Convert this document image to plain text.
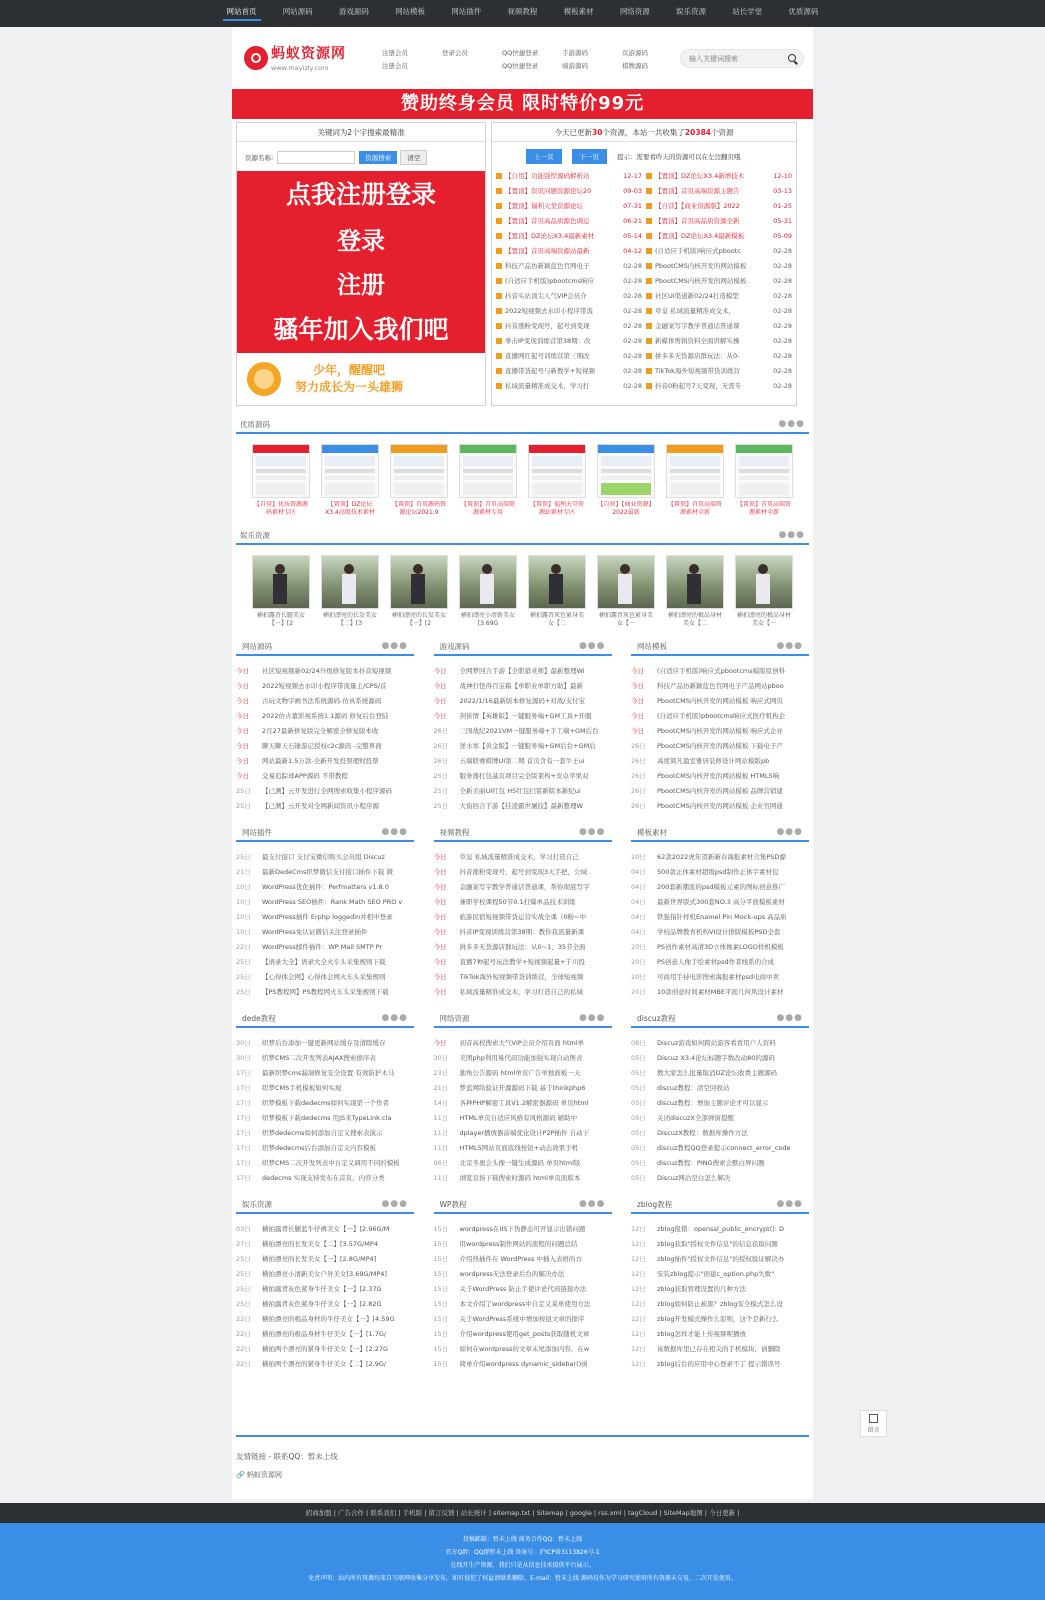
网站首页	网站源码	游戏源码	网站模板	网站插件	视频教程	模板素材	网络资源	娱乐资源	站长学堂	优质源码
蚂蚁资源网
www.mayizly.com
注册会员
注册会员
登录会员	QQ快捷登录
QQ快捷登录
手游源码
端游源码
页游源码
棋牌源码
输入关键词搜索
赞助终身会员 限时特价99元
关键词为2个字搜索最精准
资源名称:	资源搜索	清空
点我注册登录
登录
注册
骚年加入我们吧
少年，醒醒吧
努力成长为一头雄狮
今天已更新30个资源，本站一共收集了20384个资源
上一页	下一页	提示：需要看昨天的资源可以在左边翻页哦
【自用】功能强悍源码解析站	12-17
【置顶】资讯问题资源论坛20	09-03
【置顶】福利天堂资源论坛	07-31
【置顶】首页高品质源色调运	06-21
【置顶】DZ论坛X3.4最新素材	05-14
【置顶】首页高端资源站最新	04-12
科技产品仿新颖蓝色官网电子	02-28
(自适应手机版)pbootcms响应	02-28
抖音实站顶尖人气VIP会员介	02-28
2022短视频去水印小程序带流	02-28
抖音涨粉变现号，起号到变现	02-28
拳击IP变现训练营第38期：改	02-28
直播网红起号训练营第三期改	02-28
直播带货起号与新教学+短视频	02-28
私域流量精准成交术，学习打	02-28
【置顶】DZ论坛X3.4新增技术	12-10
【置顶】首页高端资源主题告	03-13
【自营】【商业资源版】2022	01-25
【置顶】首页高品质资源全新	05-31
【置顶】DZ论坛X3.4最新模板	05-09
(自适应手机版)响应式pbootc	02-28
PbootCMS内核开发的网站模板	02-28
PbootCMS内核开发的网站模板	02-28
社区UI渠道新02/24打造模型	02-28
草皇 私域流量精准成交术，	02-28
金融案写字教学普通话普通课	02-28
新媒体剪辑资料全面讲解实操	02-28
拼多多无货源店群玩法：从0-	02-28
TikTok海外短视频带货训练营	02-28
抖音0粉起号7天变现，无需专	02-28
优质源码	●●●
【自营】优质资源源码素材专区
【置顶】DZ论坛X3.4高级技术素材
【置顶】首页源码资源论坛2021.9
【置顶】首页高端资源素材专用
【置顶】福利天堂资源站素材专区
【自营】【商业资源】2022最新
【置顶】首页高端资源素材全新
【置顶】首页高端资源素材全新
娱乐资源	●●●
横拍露背长腿美女【一】[2
横拍漂亮的长发美女【二】[3
横拍漂亮的长发美女【一】[2
横拍漂亮小清新美女[3.69G
横拍露背灰色紧身美女【二
横拍露背灰色紧身美女【一
横拍漂亮的极品身材美女【二
横拍漂亮的极品身材美女【一
网站源码	●●●
今日	社区短视频新02/24升级修复版本抖音短视频
今日	2022短视频去水印小程序带流量主/CPS/首
今日	古玩文物字画书法系统源码-仿真系统源码
今日	2022仿古董影视系统1.1源码 修复后台登陆
今日	2月27最新修复版完全解密全修复版本收
今日	聊天聊天石锤游记授权c2c源码 -完整界面
今日	网站最新1.5万款-全新开发投票理财投票
今日	交易追踪球APP源码 不带教程
25日	【已测】云开发进行全网搜索收集小程序源码
25日	【已测】云开发对全网新闻资讯小程序源
游戏源码	●●●
今日	全网梦回合手游【全职猎灵师】最新整理Wi
今日	战神打怪得百宝箱【单职业单职方助】最新
今日	2022/1/16最新版本修复源码+对战/支付宝
今日	剑侠情【英雄版】一键服务端+GM工具+开服
26日	三国战纪2021VM一键服务端+手工端+GM后台
26日	逆水寒【黄金版】一键服务端+GM后台+GM后
26日	五端联赛棋牌UI第二期 首页含有一套牛王ui
25日	服务器打包基页项目完全版架构+安卓苹果双
25日	全新美丽UI红包 H5红包扫雷新版本新纪ui
25日	大街回合手游【挂凌霸世屠技】最新整理W
网站模板	●●●
今日	(自适应手机版)响应式pbootcms模版原创科
今日	科技产品仿新颖蓝色官网电子产品网站pboo
今日	PbootCMS内核开发的网站模板 响应式网页
今日	(自适应手机版)pbootcms响应式医疗机构企
今日	PbootCMS内核开发的网站模板 响应式企业
26日	PbootCMS内核开发的网站模板 下载电子产
26日	高度简凡盈室雅居装修设计网站模版pb
26日	PbootCMS内核开发的网站模板 HTML5响
26日	PbootCMS内核开发的网站模板 品牌营销建
26日	PbootCMS内核开发的网站模板 企业官网通
网站插件	●●●
25日	最支付接口 支付宝微信购买会员组 Discuz
21日	最新DedeCms织梦微信支付接口插件下载 微
10日	WordPress优化插件：Perfmatters v1.8.0
10日	WordPress SEO插件：Rank Math SEO PRO v
10日	WordPress插件 Erphp loggedin并相中登录
10日	WordPress免认证微信关注登录插件
22日	WordPress邮件插件：WP Mail SMTP Pr
25日	【语录大全】语录大全火车头采集规则下载
25日	【心得体会网】心得体会网火车头采集规则
25日	【PS教程网】PS教程网火车头采集规则下载
视频教程	●●●
今日	草皇 私域流量精准成交术，学习打造自己
今日	抖音涨粉变现号，起号到变现3天手把，公域
今日	金融案写字教学普通话普通课，帮你彻底写字
今日	兼职学校课程50节0.1打爆单品技术训练
今日	旅游民宿短视频带货运营实战全课（0粉~中
今日	抖音IP变现训练营第38期：教你我流量新课
今日	拼多多无货源店群玩法：从0~1，35节全面
今日	直播7种起号玩法教学+短视频起量+千川投
今日	TikTok海外短视频带货训练营，全球短视频
今日	私域流量精准成交术，学习打造自己的私域
模板素材	●●●
20日	62款2022虎年贺新新春海报素材合集PSD源
04日	500款正体素材超级psd制作正体字素材包
04日	200套新潮流的psd模板元素的图标创意推广
04日	最新世界版式300套NO.3 高分平面模板素材
04日	铁强指针样机Enamel Pin Mock-ups 高品质
04日	学校品牌教育机构VI设计排版模板PSD全套
20日	PS创作素材高清3D立体像素LOGO样机模板
20日	PS创意人像手绘素材psd作者线系的合成
20日	可商用手持电影搜索海报素材psd电商中卖
20日	10款创意时间素材MBE平面几何风设计素材
dede教程	●●●
30日	织梦后台添加一键更新网站缓存及清除缓存
30日	织梦CMS二次开发列表AJAX搜索排序表
17日	最新织梦cms漏洞修复安全设置 有效防护木马
17日	织梦CMS手机模板如何实现
17日	织梦模板下载dedecms如何实现第一个作者
17日	织梦模板下载dedecms 用JS来TypeLink.cla
17日	织梦dedecms如何添加自定义搜索表演示
17日	织梦dedecms后台添加自定义内容模板
17日	织梦CMS二次开发列表中自定义调用不同的模板
17日	dedecms 实现支持发布在首页、内容分类
网络资源	●●●
今日	初音高校搜索大气VIP会员介绍页面 html单
30日	美团php利用易代码功能加强实现自动图表
23日	独角公告源码 html单页广告单独面板一天
21日	梦蓝网络验证开源源码下载 基于thinkphp6
14日	各种PHP解密工具V1.2解密器源码 单页html
11日	HTML单页自适应风格有风格源码 辅助中
11日	dplayer播放器前端优化设计P2P插件 自动下
11日	HTML5网站页面底线按钮+动态效果手机
06日	北京冬奥会头像一键生成源码 单页html版
11日	浏览宣扬下载搜索时源码 html单页面版本
discuz教程	●●●
08日	Discuz游戏如何跨站游客看看用户人资料
05日	Discuz X3.4论坛标题字数改动80的源码
05日	教大家怎么批量取消DZ论坛收费主题源码
05日	discuz教程：清空回收站
05日	discuz教程：增加主题评论才可以显示
05日	关闭discuzX全部弹窗提醒
05日	DiscuzX教程：数据库操作方法
05日	discuz教程QQ登录提示connect_error_code
05日	discuz教程：PING搜索会默白屏问题
05日	Discuz网站空白怎么解决
娱乐资源	●●●
03日	横拍露背长腿蓝牛仔裤美女【一】[2.96G/M
27日	横拍漂亮的长发美女【二】[3.57G/MP4
25日	横拍漂亮的长发美女【一】[2.8G/MP4]
25日	横拍漂亮小清新美女户外美女[3.69G/MP4]
25日	横拍露背灰色紧身牛仔美女【一】[2.37G
25日	横拍露背灰色紧身牛仔美女【一】[2.82G
22日	横拍漂亮的极品身材的牛仔美女【一】[4.59G
22日	横拍漂亮的极品身材牛仔美女【一】[1.7G/
22日	横拍两个漂亮的紧身牛仔美女【一】[2.27G
22日	横拍两个漂亮的紧身牛仔美女【二】[2.9G/
WP教程	●●●
15日	wordpress在IIS下伪静态可开显示出错问题
15日	用wordpress制作网站的流程的问题总结
15日	介绍热插件在 WordPress 中插入表格的方
15日	wordpress无法登录后台的解决办法
15日	关于WordPress 防止手使评论代码链接办法
15日	本文介绍了wordpress中自定义菜单使用方法
15日	关于WordPress系统中增加按钮文章的排序
15日	介绍wordpress使用get_posts获取随机文章
15日	如何在wordpress的文章末尾添加内容，在w
15日	简单介绍wordpress dynamic_sidebar()函
zblog教程	●●●
12日	zblog报错：openssl_public_encrypt(): D
12日	zblog获取"授权文件信息"的信息获取问题
12日	zblog插件"授权文件信息"的授权验证解决办
12日	安装zblog提示"创建c_option.php失败"
12日	zblog获取管理设置的几种方法
12日	zblog如何防止被黑？zblog安全模式怎么设
12日	zblog开发模式操作么原则，这个是新行么
12日	zblog怎样才能上传视频呢播放
12日	该数据库里已存在相关的手机模块，请删除
12日	zblog后台的应用中心登录不了 提示错误号
友情链接 - 联系QQ：暂未上线
🔗 蚂蚁资源网
留言
招商加盟 | 广告合作 | 联系我们 | 手机版 | 留言反馈 | 站长统计 | sitemap.txt | Sitemap | google | rss.xml | tagCloud | SiteMap地图 | 今日更新 |
投稿邮箱：暂未上线 商务合作QQ：暂未上线
官方Q群：QQ群暂未上线 备案号：沪ICP备3113826号-1
在线开生产资源，我们只是从信息技术提供平台展示。
免责声明：站内所有资源均来自互联网收集分享发布，如有侵犯了权益请联系删除，E-mail：暂未上线 源码仅作为学习研究使用所有资源未交易，二次开发使用。
